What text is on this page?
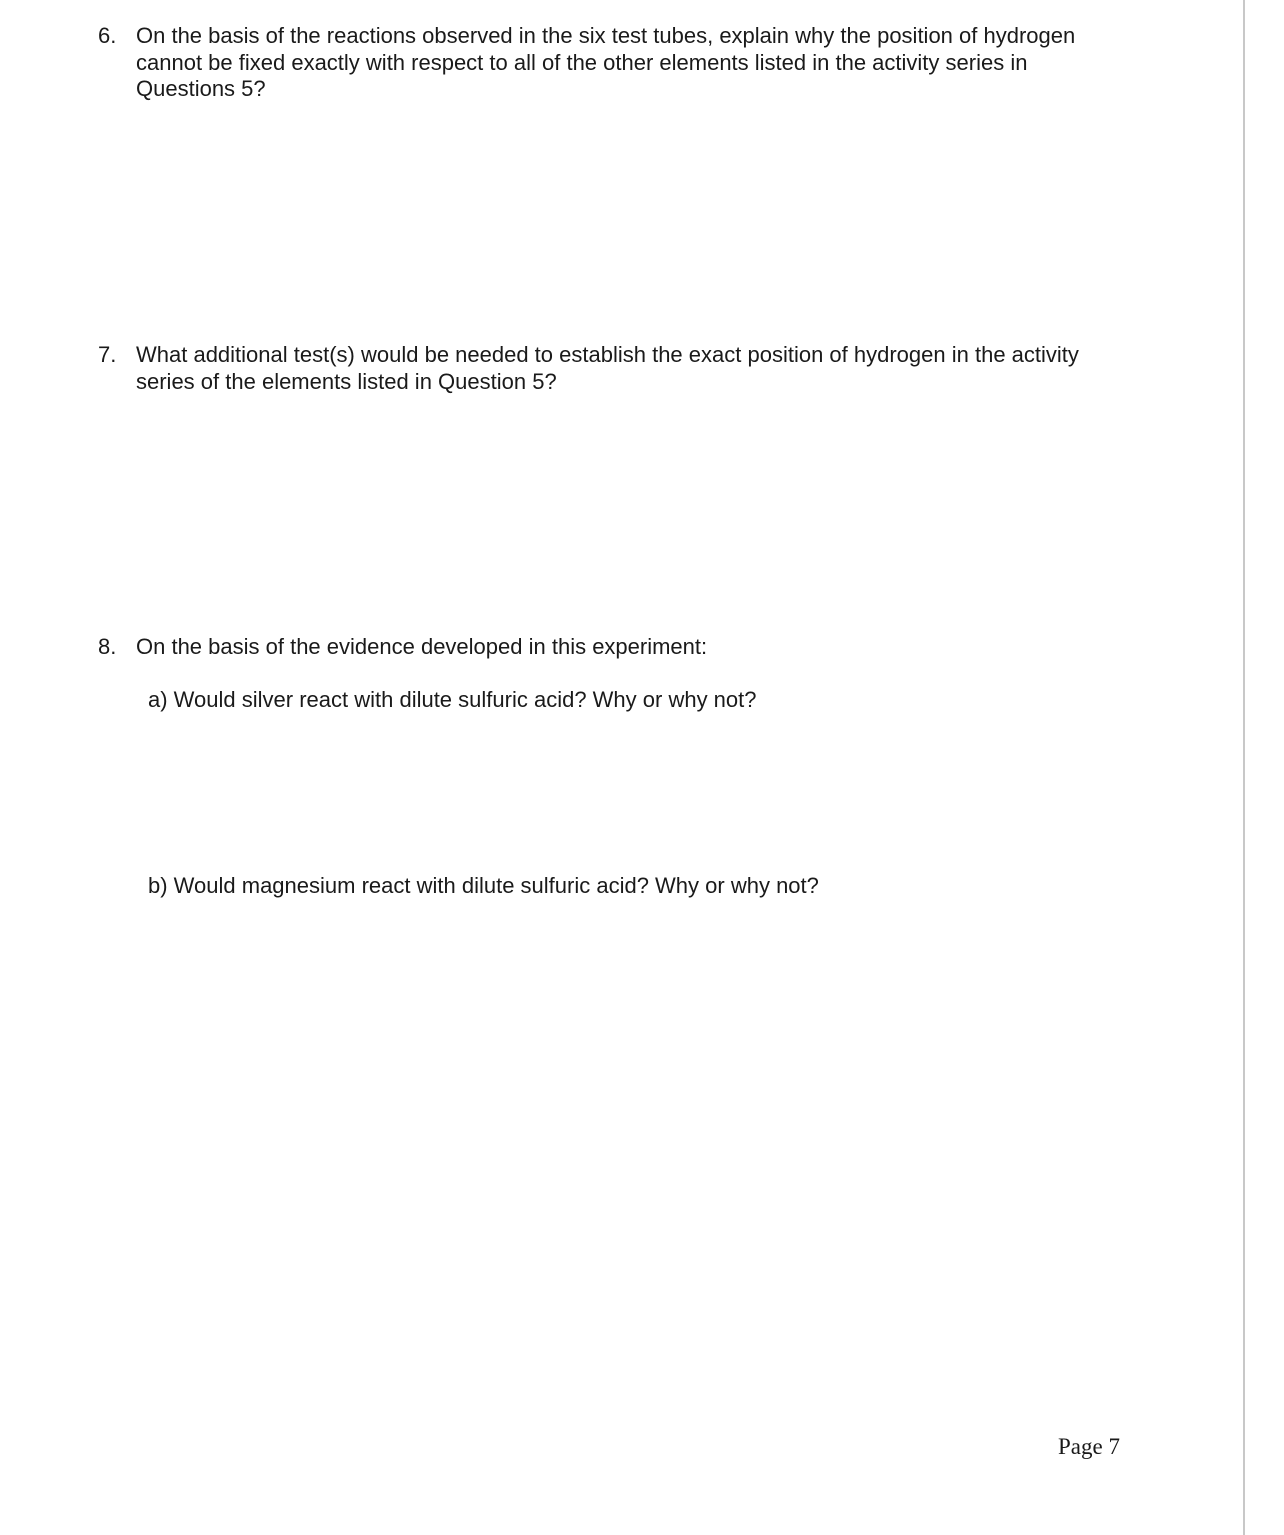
6. On the basis of the reactions observed in the six test tubes, explain why the position of hydrogen cannot be fixed exactly with respect to all of the other elements listed in the activity series in Questions 5?
7. What additional test(s) would be needed to establish the exact position of hydrogen in the activity series of the elements listed in Question 5?
8. On the basis of the evidence developed in this experiment:
a) Would silver react with dilute sulfuric acid? Why or why not?
b) Would magnesium react with dilute sulfuric acid? Why or why not?
Page 7
